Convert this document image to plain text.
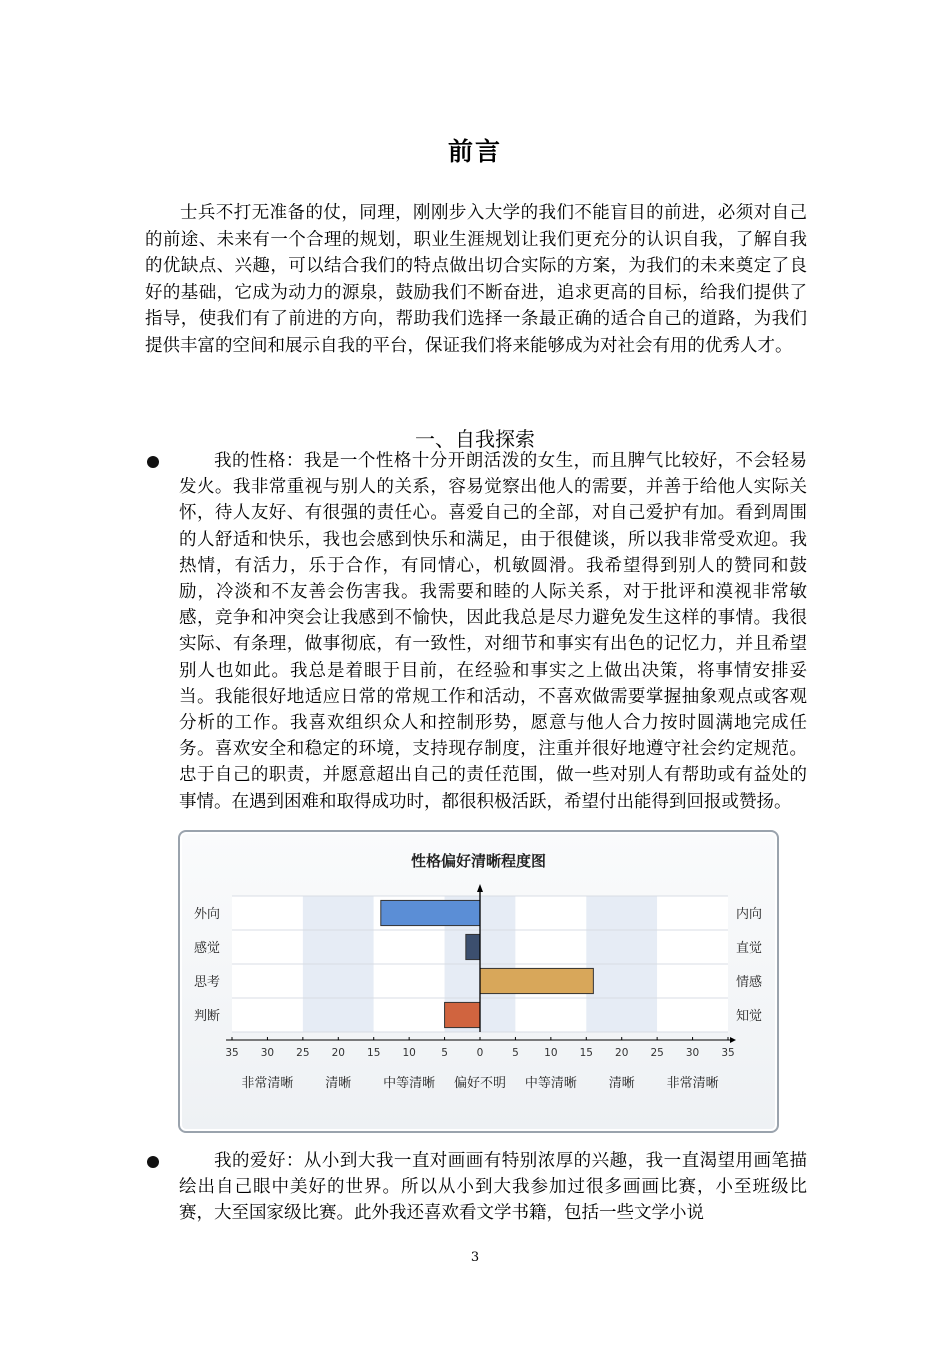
前言

士兵不打无准备的仗，同理，刚刚步入大学的我们不能盲目的前进，必须对自己的前途、未来有一个合理的规划，职业生涯规划让我们更充分的认识自我，了解自我的优缺点、兴趣，可以结合我们的特点做出切合实际的方案，为我们的未来奠定了良好的基础，它成为动力的源泉，鼓励我们不断奋进，追求更高的目标，给我们提供了指导，使我们有了前进的方向，帮助我们选择一条最正确的适合自己的道路，为我们提供丰富的空间和展示自我的平台，保证我们将来能够成为对社会有用的优秀人才。

一、自我探索

我的性格：我是一个性格十分开朗活泼的女生，而且脾气比较好，不会轻易发火。我非常重视与别人的关系，容易觉察出他人的需要，并善于给他人实际关怀，待人友好、有很强的责任心。喜爱自己的全部，对自己爱护有加。看到周围的人舒适和快乐，我也会感到快乐和满足，由于很健谈，所以我非常受欢迎。我热情，有活力，乐于合作，有同情心，机敏圆滑。我希望得到别人的赞同和鼓励，冷淡和不友善会伤害我。我需要和睦的人际关系，对于批评和漠视非常敏感，竞争和冲突会让我感到不愉快，因此我总是尽力避免发生这样的事情。我很实际、有条理，做事彻底，有一致性，对细节和事实有出色的记忆力，并且希望别人也如此。我总是着眼于目前，在经验和事实之上做出决策，将事情安排妥当。我能很好地适应日常的常规工作和活动，不喜欢做需要掌握抽象观点或客观分析的工作。我喜欢组织众人和控制形势，愿意与他人合力按时圆满地完成任务。喜欢安全和稳定的环境，支持现存制度，注重并很好地遵守社会约定规范。忠于自己的职责，并愿意超出自己的责任范围，做一些对别人有帮助或有益处的事情。在遇到困难和取得成功时，都很积极活跃，希望付出能得到回报或赞扬。

性格偏好清晰程度图
35 30 25 20 15 10 5	0	5 10 15 20 25 30 35
外向	内向
感觉	直觉
思考	情感
判断	知觉
非常清晰 清晰 中等清晰 偏好不明 中等清晰 清晰 非常清晰

我的爱好：从小到大我一直对画画有特别浓厚的兴趣，我一直渴望用画笔描绘出自己眼中美好的世界。所以从小到大我参加过很多画画比赛，小至班级比赛，大至国家级比赛。此外我还喜欢看文学书籍，包括一些文学小说

3
